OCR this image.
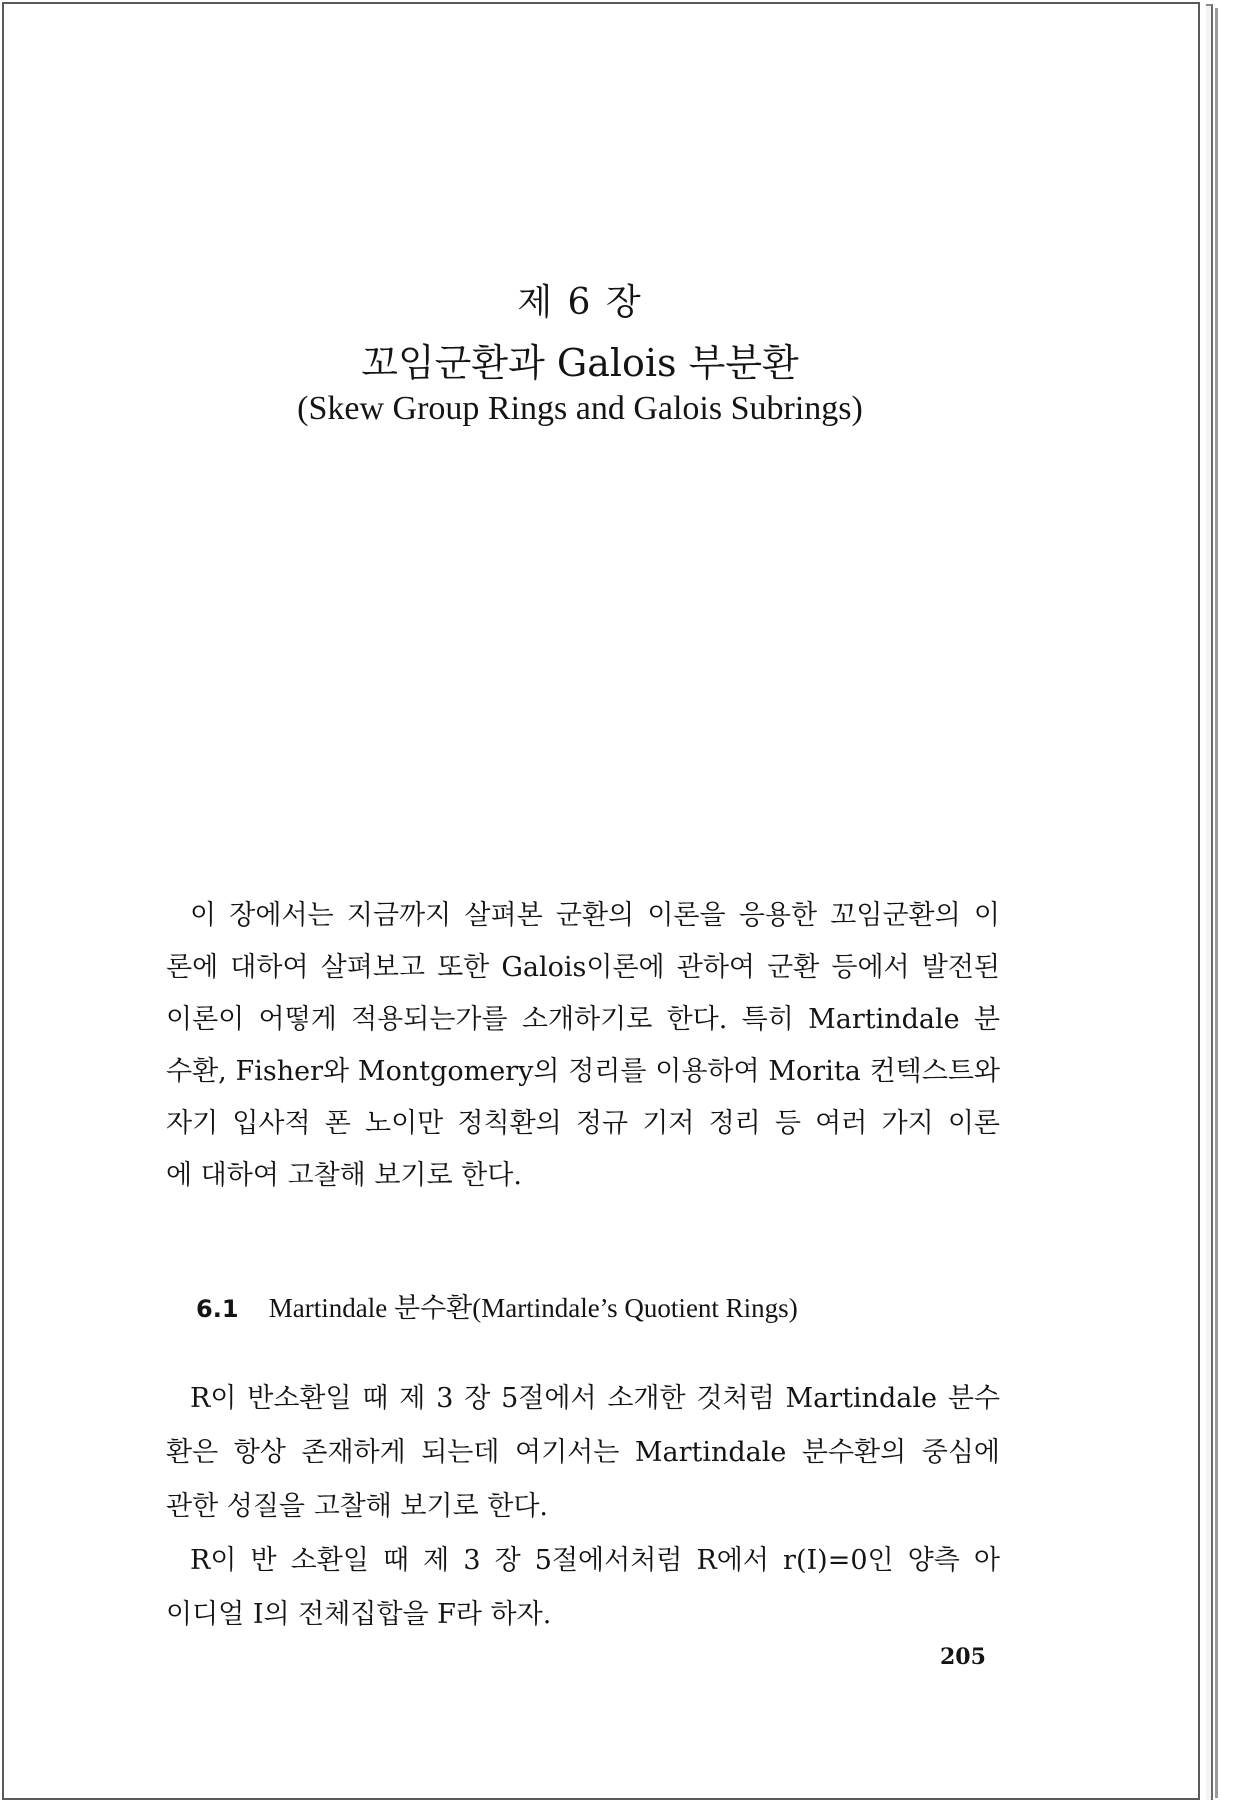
제 6 장
꼬임군환과 Galois 부분환
(Skew Group Rings and Galois Subrings)
이 장에서는 지금까지 살펴본 군환의 이론을 응용한 꼬임군환의 이
론에 대하여 살펴보고 또한 Galois이론에 관하여 군환 등에서 발전된
이론이 어떻게 적용되는가를 소개하기로 한다. 특히 Martindale 분
수환, Fisher와 Montgomery의 정리를 이용하여 Morita 컨텍스트와
자기 입사적 폰 노이만 정칙환의 정규 기저 정리 등 여러 가지 이론
에 대하여 고찰해 보기로 한다.
6.1 Martindale 분수환(Martindale’s Quotient Rings)
R이 반소환일 때 제 3 장 5절에서 소개한 것처럼 Martindale 분수
환은 항상 존재하게 되는데 여기서는 Martindale 분수환의 중심에
관한 성질을 고찰해 보기로 한다.
R이 반 소환일 때 제 3 장 5절에서처럼 R에서 r(I)=0인 양측 아
이디얼 I의 전체집합을 F라 하자.
205
